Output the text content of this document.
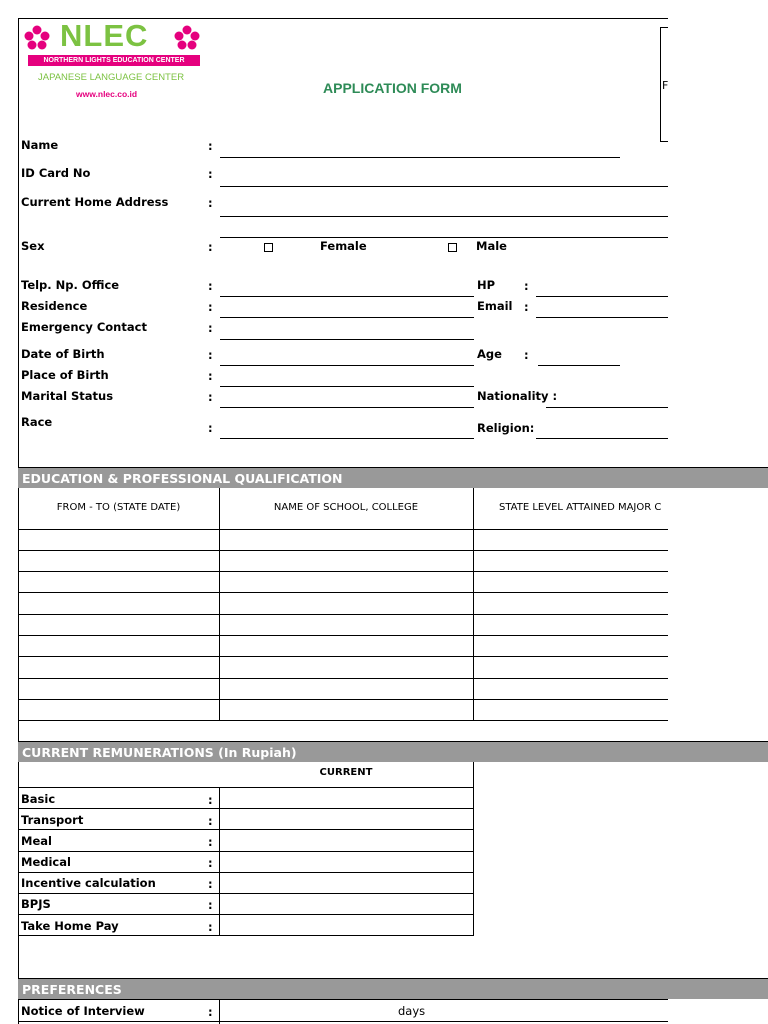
NLEC
NORTHERN LIGHTS EDUCATION CENTER
JAPANESE LANGUAGE CENTER
www.nlec.co.id	APPLICATION FORM	F
Name	:
ID Card No	:
Current Home Address	:
Sex	:	Female	Male
Telp. Np. Office	:	HP	:
Residence	:	Email :
Emergency Contact	:
Date of Birth	:	Age :
Place of Birth	:
Marital Status	:	Nationality :
Race	:	Religion:
EDUCATION & PROFESSIONAL QUALIFICATION
FROM - TO (STATE DATE)	NAME OF SCHOOL, COLLEGE	STATE LEVEL ATTAINED MAJOR C
CURRENT REMUNERATIONS (In Rupiah)
CURRENT
Basic	:
Transport	:
Meal	:
Medical	:
Incentive calculation	:
BPJS	:
Take Home Pay	:
PREFERENCES
Notice of Interview	:	days
